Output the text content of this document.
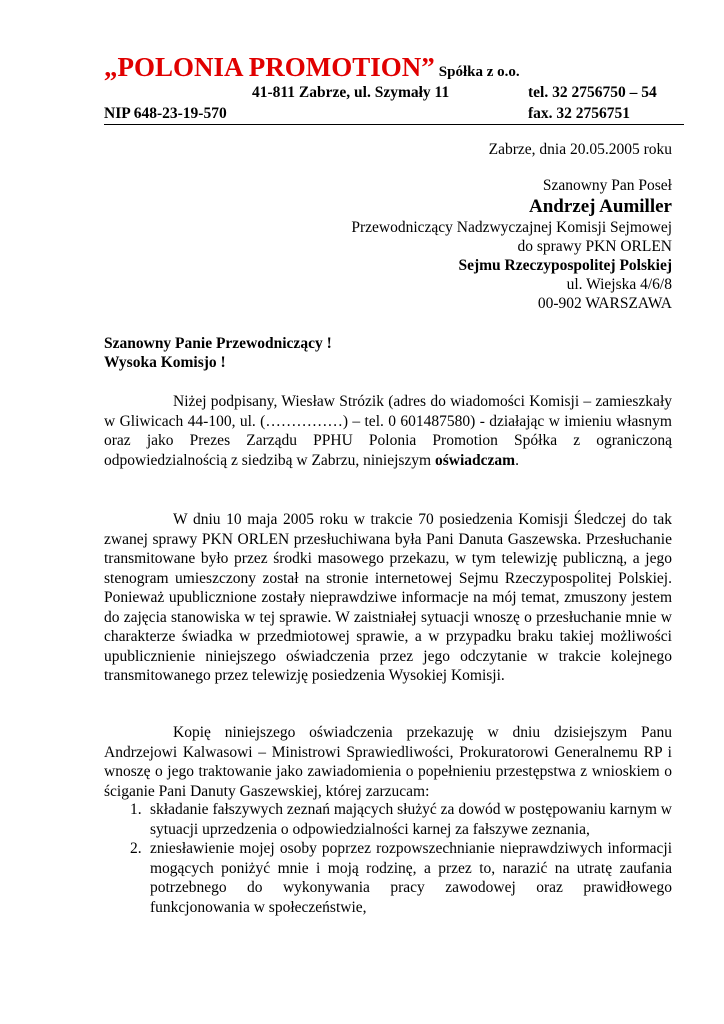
„POLONIA PROMOTION” Spółka z o.o.
41-811 Zabrze, ul. Szymały 11	tel. 32 2756750 – 54
NIP 648-23-19-570	fax. 32 2756751
Zabrze, dnia 20.05.2005 roku
Szanowny Pan Poseł
Andrzej Aumiller
Przewodniczący Nadzwyczajnej Komisji Sejmowej
do sprawy PKN ORLEN
Sejmu Rzeczypospolitej Polskiej
ul. Wiejska 4/6/8
00-902 WARSZAWA
Szanowny Panie Przewodniczący !
Wysoka Komisjo !

Niżej podpisany, Wiesław Strózik (adres do wiadomości Komisji – zamieszkały w Gliwicach 44-100, ul. (……………) – tel. 0 601487580) - działając w imieniu własnym oraz jako Prezes Zarządu PPHU Polonia Promotion Spółka z ograniczoną odpowiedzialnością z siedzibą w Zabrzu, niniejszym oświadczam.

W dniu 10 maja 2005 roku w trakcie 70 posiedzenia Komisji Śledczej do tak zwanej sprawy PKN ORLEN przesłuchiwana była Pani Danuta Gaszewska. Przesłuchanie transmitowane było przez środki masowego przekazu, w tym telewizję publiczną, a jego stenogram umieszczony został na stronie internetowej Sejmu Rzeczypospolitej Polskiej. Ponieważ upublicznione zostały nieprawdziwe informacje na mój temat, zmuszony jestem do zajęcia stanowiska w tej sprawie. W zaistniałej sytuacji wnoszę o przesłuchanie mnie w charakterze świadka w przedmiotowej sprawie, a w przypadku braku takiej możliwości upublicznienie niniejszego oświadczenia przez jego odczytanie w trakcie kolejnego transmitowanego przez telewizję posiedzenia Wysokiej Komisji.

Kopię niniejszego oświadczenia przekazuję w dniu dzisiejszym Panu Andrzejowi Kalwasowi – Ministrowi Sprawiedliwości, Prokuratorowi Generalnemu RP i wnoszę o jego traktowanie jako zawiadomienia o popełnieniu przestępstwa z wnioskiem o ściganie Pani Danuty Gaszewskiej, której zarzucam:

1. składanie fałszywych zeznań mających służyć za dowód w postępowaniu karnym w sytuacji uprzedzenia o odpowiedzialności karnej za fałszywe zeznania,
2. zniesławienie mojej osoby poprzez rozpowszechnianie nieprawdziwych informacji mogących poniżyć mnie i moją rodzinę, a przez to, narazić na utratę zaufania potrzebnego do wykonywania pracy zawodowej oraz prawidłowego funkcjonowania w społeczeństwie,
